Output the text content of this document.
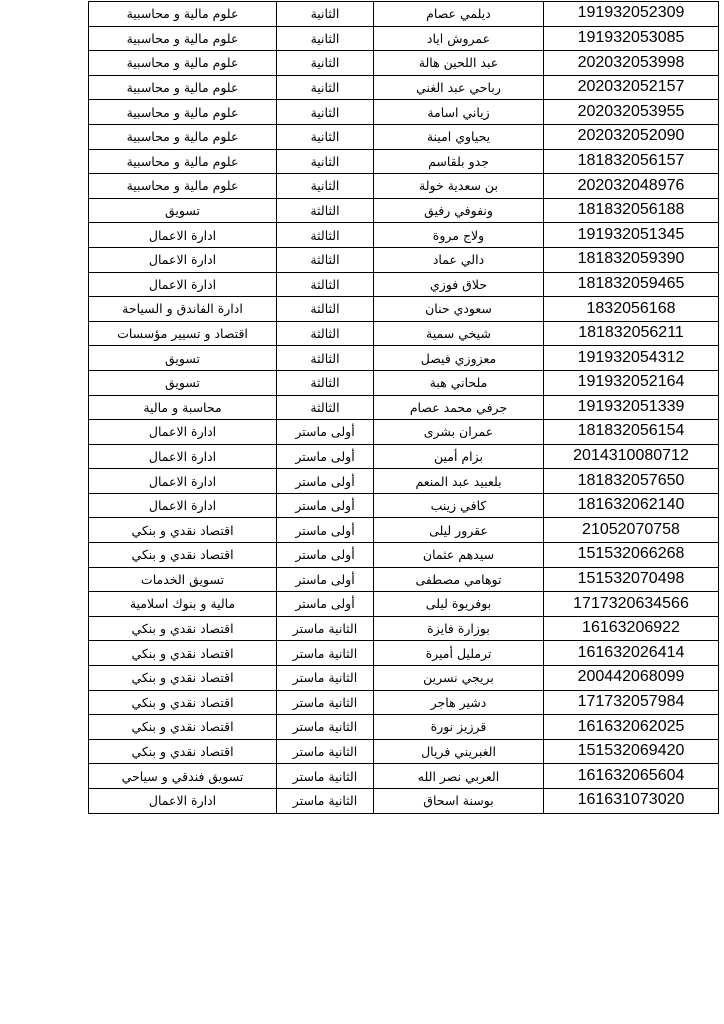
191932052309	ديلمي عصام	الثانية	علوم مالية و محاسبية
191932053085	عمروش اياد	الثانية	علوم مالية و محاسبية
202032053998	عبد اللحين هالة	الثانية	علوم مالية و محاسبية
202032052157	رباحي عبد الغني	الثانية	علوم مالية و محاسبية
202032053955	زياني اسامة	الثانية	علوم مالية و محاسبية
202032052090	يحياوي امينة	الثانية	علوم مالية و محاسبية
181832056157	جدو بلقاسم	الثانية	علوم مالية و محاسبية
202032048976	بن سعدية خولة	الثانية	علوم مالية و محاسبية
181832056188	ونفوفي رفيق	الثالثة	تسويق
191932051345	ولاج مروة	الثالثة	ادارة الاعمال
181832059390	دالي عماد	الثالثة	ادارة الاعمال
181832059465	حلاق فوزي	الثالثة	ادارة الاعمال
1832056168	سعودي حنان	الثالثة	ادارة الفاندق و السياحة
181832056211	شيخي سمية	الثالثة	اقتصاد و تسيير مؤسسات
191932054312	معزوزي فيصل	الثالثة	تسويق
191932052164	ملحاني هبة	الثالثة	تسويق
191932051339	جرفي محمد عصام	الثالثة	محاسبة و مالية
181832056154	عمران بشرى	أولى ماستر	ادارة الاعمال
2014310080712	بزام أمين	أولى ماستر	ادارة الاعمال
181832057650	بلعبيد عبد المنعم	أولى ماستر	ادارة الاعمال
181632062140	كافي زينب	أولى ماستر	ادارة الاعمال
21052070758	عقرور ليلى	أولى ماستر	اقتصاد نقدي و بنكي
151532066268	سيدهم عثمان	أولى ماستر	اقتصاد نقدي و بنكي
151532070498	توهامي مصطفى	أولى ماستر	تسويق الخدمات
1717320634566	بوفريوة ليلى	أولى ماستر	مالية و بنوك اسلامية
16163206922	بوزارة فايزة	الثانية ماستر	اقتصاد نقدي و بنكي
161632026414	ترمليل أميرة	الثانية ماستر	اقتصاد نقدي و بنكي
200442068099	بريجي نسرين	الثانية ماستر	اقتصاد نقدي و بنكي
171732057984	دشير هاجر	الثانية ماستر	اقتصاد نقدي و بنكي
161632062025	قرزيز نورة	الثانية ماستر	اقتصاد نقدي و بنكي
151532069420	الغبريني فريال	الثانية ماستر	اقتصاد نقدي و بنكي
161632065604	العربي نصر الله	الثانية ماستر	تسويق فندقي و سياحي
161631073020	بوسنة اسحاق	الثانية ماستر	ادارة الاعمال
